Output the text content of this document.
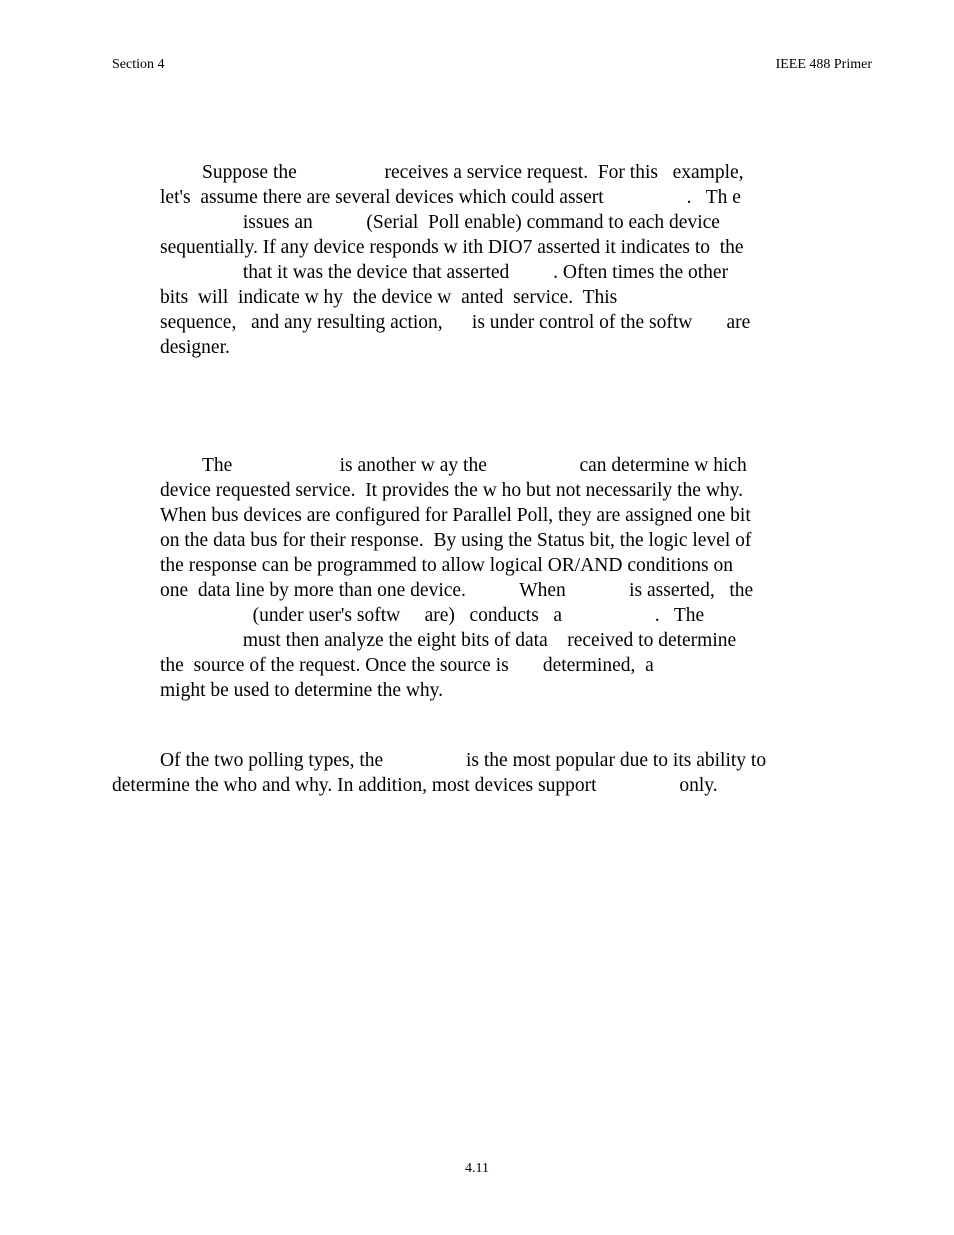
Section 4	IEEE 488 Primer
Suppose the                  receives a service request.  For this   example,
let's  assume there are several devices which could assert                 .   Th e
issues an           (Serial  Poll enable) command to each device
sequentially. If any device responds w ith DIO7 asserted it indicates to  the
that it was the device that asserted         . Often times the other
bits  will  indicate w hy  the device w  anted  service.  This
sequence,   and any resulting action,      is under control of the softw       are
designer.
The                      is another w ay the                   can determine w hich
device requested service.  It provides the w ho but not necessarily the why.
When bus devices are configured for Parallel Poll, they are assigned one bit
on the data bus for their response.  By using the Status bit, the logic level of
the response can be programmed to allow logical OR/AND conditions on
one  data line by more than one device.           When             is asserted,   the
(under user's softw     are)   conducts   a                   .   The
must then analyze the eight bits of data    received to determine
the  source of the request. Once the source is       determined,  a
might be used to determine the why.
Of the two polling types, the                 is the most popular due to its ability to
determine the who and why. In addition, most devices support                 only.
4.11
